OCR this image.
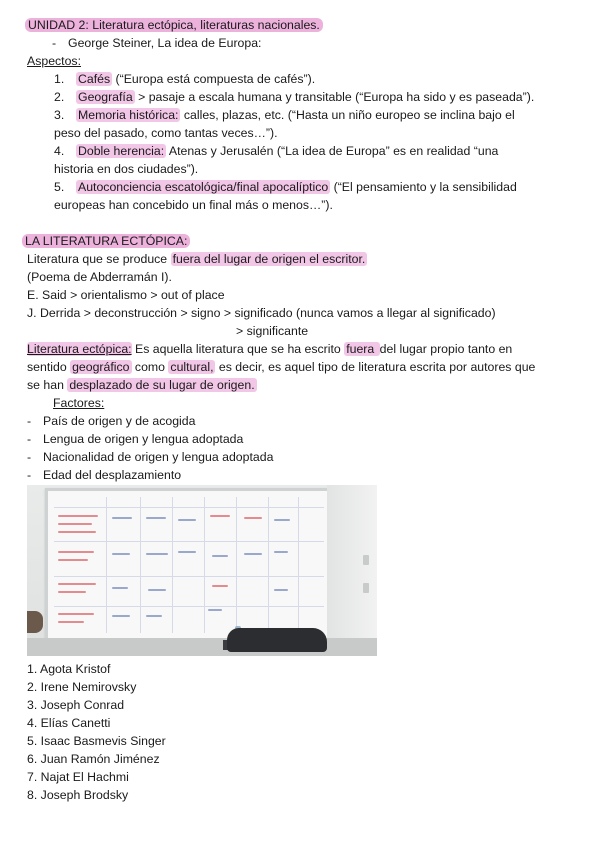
UNIDAD 2: Literatura ectópica, literaturas nacionales.
- George Steiner, La idea de Europa:
Aspectos:
1. Cafés (“Europa está compuesta de cafés”).
2. Geografía > pasaje a escala humana y transitable (“Europa ha sido y es paseada”).
3. Memoria histórica: calles, plazas, etc. (“Hasta un niño europeo se inclina bajo el
peso del pasado, como tantas veces…”).
4. Doble herencia: Atenas y Jerusalén (“La idea de Europa” es en realidad “una
historia en dos ciudades”).
5. Autoconciencia escatológica/final apocalíptico (“El pensamiento y la sensibilidad
europeas han concebido un final más o menos…”).
LA LITERATURA ECTÓPICA:
Literatura que se produce fuera del lugar de origen el escritor.
(Poema de Abderramán I).
E. Said > orientalismo > out of place
J. Derrida > deconstrucción > signo > significado (nunca vamos a llegar al significado)
> significante
Literatura ectópica: Es aquella literatura que se ha escrito fuera del lugar propio tanto en
sentido geográfico como cultural, es decir, es aquel tipo de literatura escrita por autores que
se han desplazado de su lugar de origen.
Factores:
- País de origen y de acogida
- Lengua de origen y lengua adoptada
- Nacionalidad de origen y lengua adoptada
- Edad del desplazamiento
1. Agota Kristof
2. Irene Nemirovsky
3. Joseph Conrad
4. Elías Canetti
5. Isaac Basmevis Singer
6. Juan Ramón Jiménez
7. Najat El Hachmi
8. Joseph Brodsky
